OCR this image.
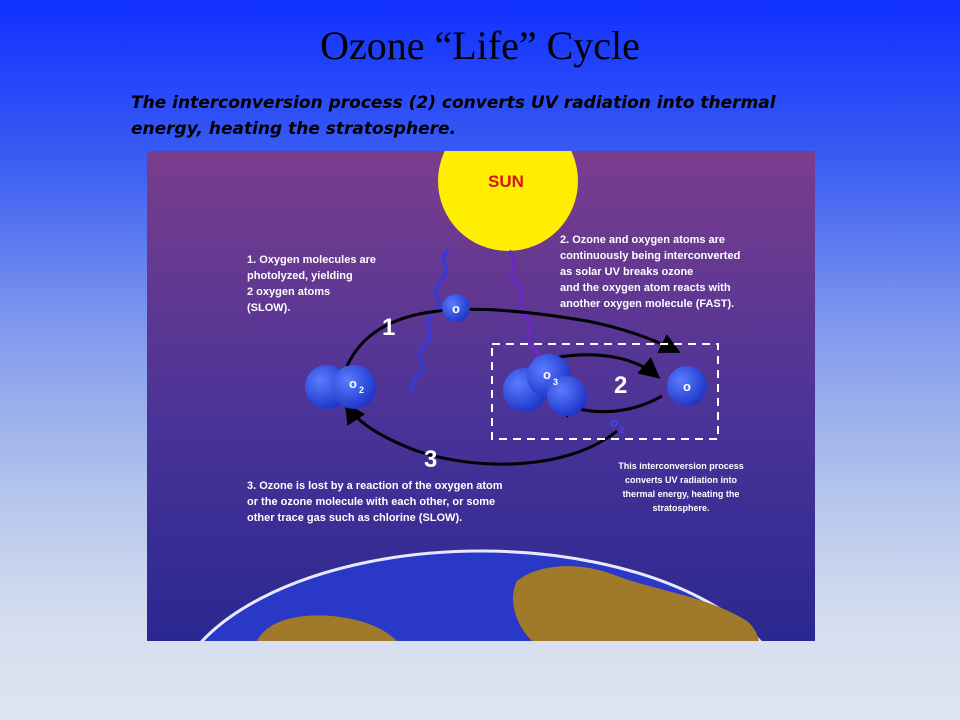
Ozone “Life” Cycle
The interconversion process (2) converts UV radiation into thermal energy, heating the stratosphere.
SUN
o 2
o
o 3	o
o 2
1
2
3
1. Oxygen molecules are
photolyzed, yielding
2 oxygen atoms
(SLOW).
2. Ozone and oxygen atoms are
continuously being interconverted
as solar UV breaks ozone
and the oxygen atom reacts with
another oxygen molecule (FAST).
3. Ozone is lost by a reaction of the oxygen atom
or the ozone molecule with each other, or some
other trace gas such as chlorine (SLOW).
This interconversion process
converts UV radiation into
thermal energy, heating the
stratosphere.
